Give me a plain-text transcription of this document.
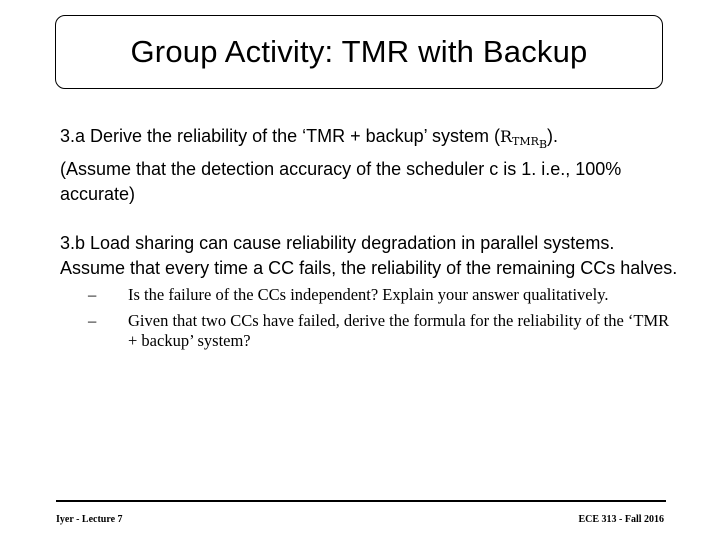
Group Activity: TMR with Backup

3.a Derive the reliability of the ‘TMR + backup’ system $(R_{TMR_B})$.
(Assume that the detection accuracy of the scheduler c is 1. i.e., 100% accurate)

3.b Load sharing can cause reliability degradation in parallel systems. Assume that every time a CC fails, the reliability of the remaining CCs halves.

– Is the failure of the CCs independent? Explain your answer qualitatively.
– Given that two CCs have failed, derive the formula for the reliability of the ‘TMR + backup’ system?
Iyer - Lecture 7	ECE 313 - Fall 2016
